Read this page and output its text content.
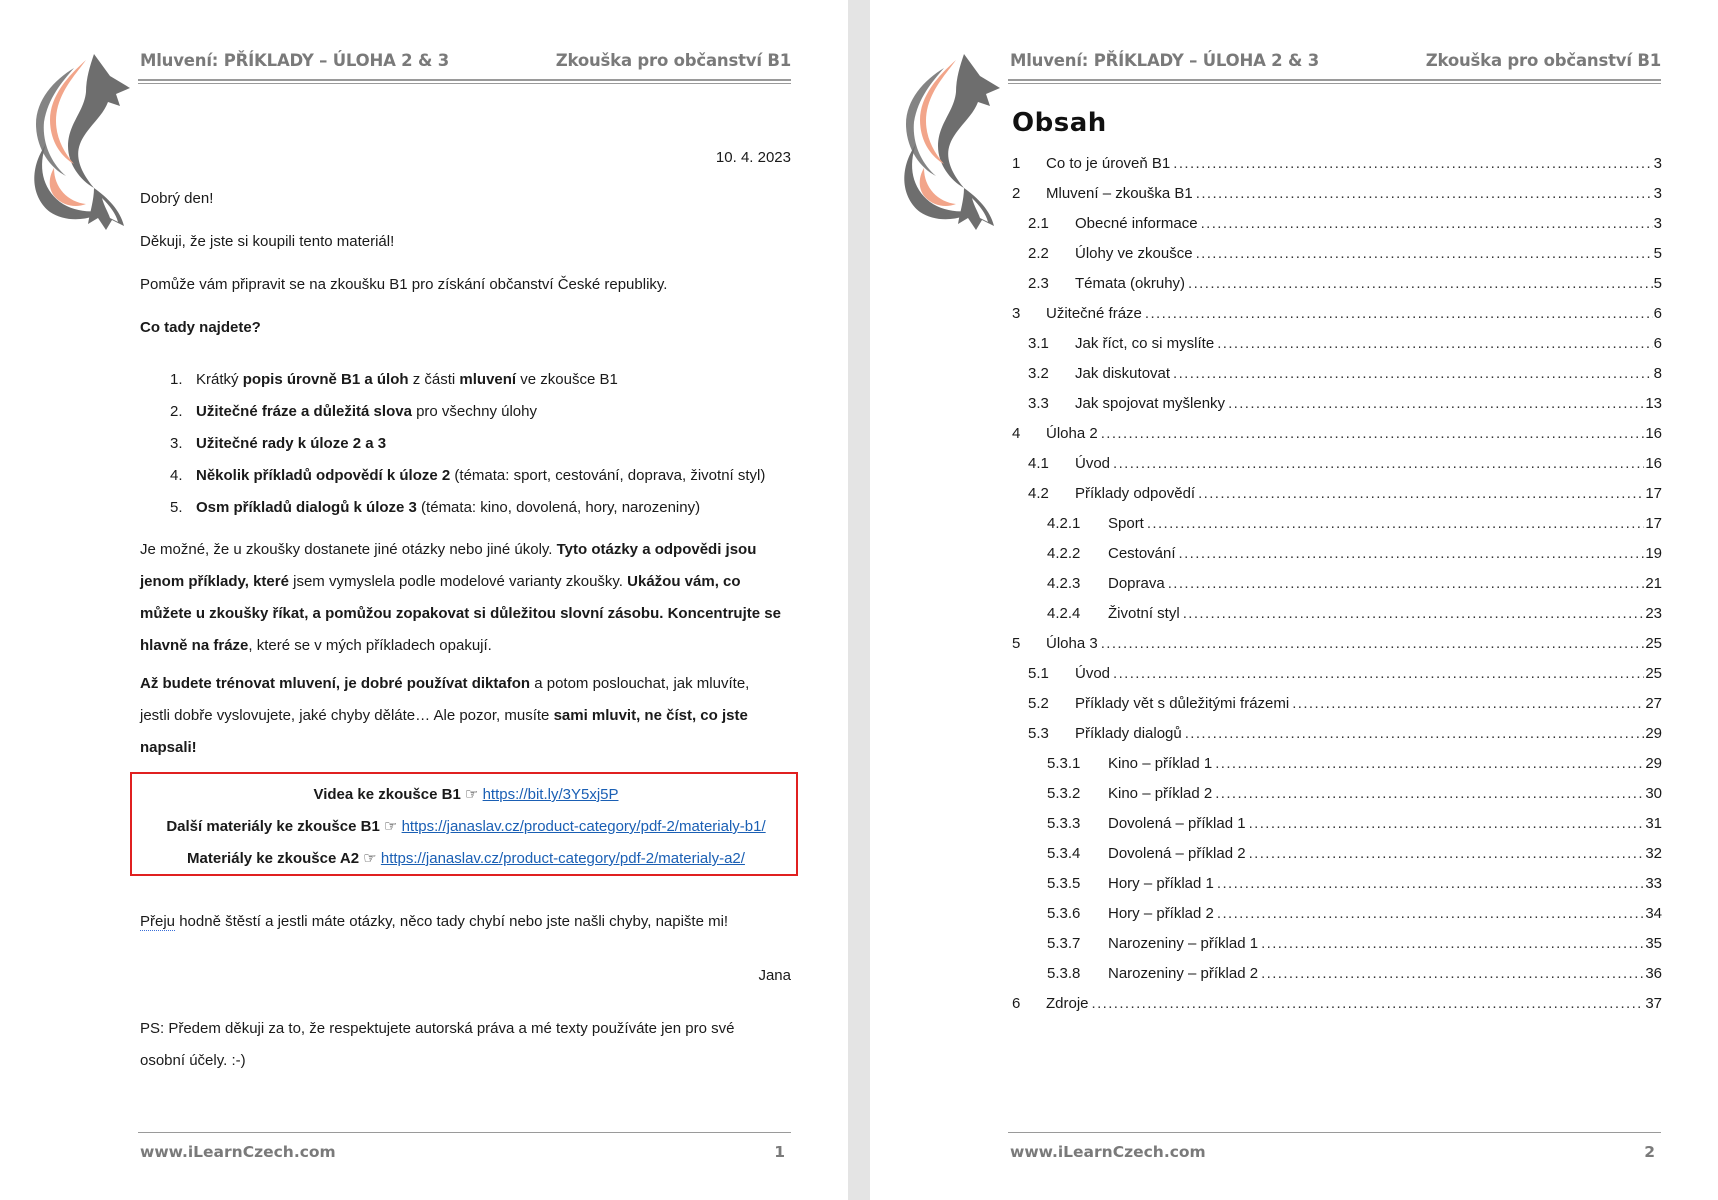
Mluvení: PŘÍKLADY – ÚLOHA 2 & 3	Zkouška pro občanství B1
10. 4. 2023
Dobrý den!
Děkuji, že jste si koupili tento materiál!
Pomůže vám připravit se na zkoušku B1 pro získání občanství České republiky.
Co tady najdete?
1. Krátký popis úrovně B1 a úloh z části mluvení ve zkoušce B1
2. Užitečné fráze a důležitá slova pro všechny úlohy
3. Užitečné rady k úloze 2 a 3
4. Několik příkladů odpovědí k úloze 2 (témata: sport, cestování, doprava, životní styl)
5. Osm příkladů dialogů k úloze 3 (témata: kino, dovolená, hory, narozeniny)
Je možné, že u zkoušky dostanete jiné otázky nebo jiné úkoly. Tyto otázky a odpovědi jsou
jenom příklady, které jsem vymyslela podle modelové varianty zkoušky. Ukážou vám, co
můžete u zkoušky říkat, a pomůžou zopakovat si důležitou slovní zásobu. Koncentrujte se
hlavně na fráze, které se v mých příkladech opakují.
Až budete trénovat mluvení, je dobré používat diktafon a potom poslouchat, jak mluvíte,
jestli dobře vyslovujete, jaké chyby děláte… Ale pozor, musíte sami mluvit, ne číst, co jste
napsali!
Přeju hodně štěstí a jestli máte otázky, něco tady chybí nebo jste našli chyby, napište mi!
Jana
PS: Předem děkuji za to, že respektujete autorská práva a mé texty používáte jen pro své
osobní účely. :-)
Videa ke zkoušce B1 ☞ https://bit.ly/3Y5xj5P
Další materiály ke zkoušce B1 ☞ https://janaslav.cz/product-category/pdf-2/materialy-b1/
Materiály ke zkoušce A2 ☞ https://janaslav.cz/product-category/pdf-2/materialy-a2/
www.iLearnCzech.com	1
Mluvení: PŘÍKLADY – ÚLOHA 2 & 3	Zkouška pro občanství B1
Obsah
1 Co to je úroveň B1 .....	3
2 Mluvení – zkouška B1 .....	3
2.1 Obecné informace .....	3
2.2 Úlohy ve zkoušce .....	5
2.3 Témata (okruhy) .....	5
3 Užitečné fráze .....	6
3.1 Jak říct, co si myslíte .....	6
3.2 Jak diskutovat .....	8
3.3 Jak spojovat myšlenky .....	13
4 Úloha 2 .....	16
4.1 Úvod .....	16
4.2 Příklady odpovědí .....	17
4.2.1 Sport .....	17
4.2.2 Cestování .....	19
4.2.3 Doprava .....	21
4.2.4 Životní styl .....	23
5 Úloha 3 .....	25
5.1 Úvod .....	25
5.2 Příklady vět s důležitými frázemi .....	27
5.3 Příklady dialogů .....	29
5.3.1 Kino – příklad 1 .....	29
5.3.2 Kino – příklad 2 .....	30
5.3.3 Dovolená – příklad 1 .....	31
5.3.4 Dovolená – příklad 2 .....	32
5.3.5 Hory – příklad 1 .....	33
5.3.6 Hory – příklad 2 .....	34
5.3.7 Narozeniny – příklad 1 .....	35
5.3.8 Narozeniny – příklad 2 .....	36
6 Zdroje .....	37
www.iLearnCzech.com	2
